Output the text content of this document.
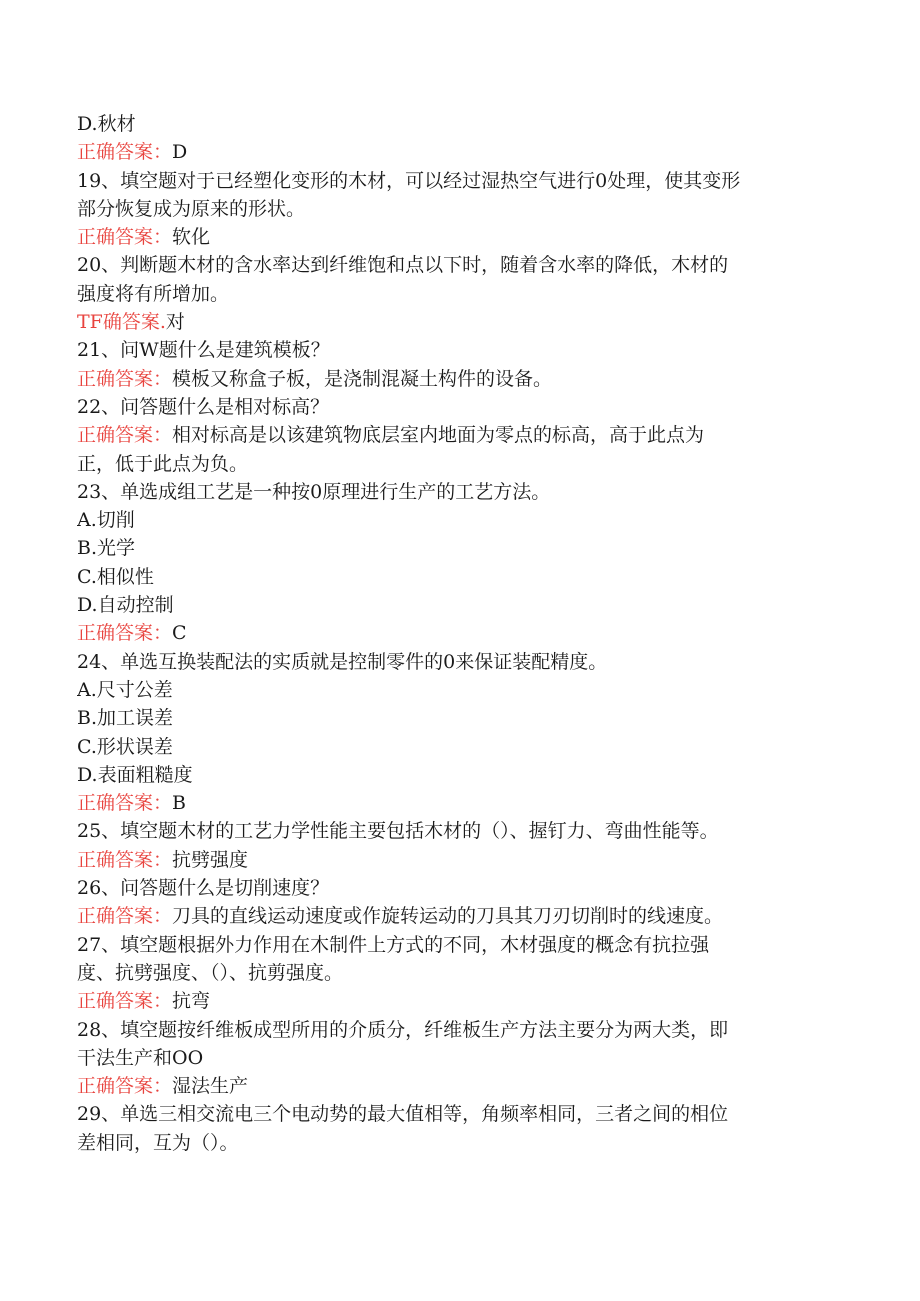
D.秋材
正确答案：D
19、填空题对于已经塑化变形的木材，可以经过湿热空气进行0处理，使其变形
部分恢复成为原来的形状。
正确答案：软化
20、判断题木材的含水率达到纤维饱和点以下时，随着含水率的降低，木材的
强度将有所增加。
TF确答案.对
21、问W题什么是建筑模板？
正确答案：模板又称盒子板，是浇制混凝土构件的设备。
22、问答题什么是相对标高？
正确答案：相对标高是以该建筑物底层室内地面为零点的标高，高于此点为
正，低于此点为负。
23、单选成组工艺是一种按0原理进行生产的工艺方法。
A.切削
B.光学
C.相似性
D.自动控制
正确答案：C
24、单选互换装配法的实质就是控制零件的0来保证装配精度。
A.尺寸公差
B.加工误差
C.形状误差
D.表面粗糙度
正确答案：B
25、填空题木材的工艺力学性能主要包括木材的（）、握钉力、弯曲性能等。
正确答案：抗劈强度
26、问答题什么是切削速度？
正确答案：刀具的直线运动速度或作旋转运动的刀具其刀刃切削时的线速度。
27、填空题根据外力作用在木制件上方式的不同，木材强度的概念有抗拉强
度、抗劈强度、（）、抗剪强度。
正确答案：抗弯
28、填空题按纤维板成型所用的介质分，纤维板生产方法主要分为两大类，即
干法生产和OO
正确答案：湿法生产
29、单选三相交流电三个电动势的最大值相等，角频率相同，三者之间的相位
差相同，互为（）。
